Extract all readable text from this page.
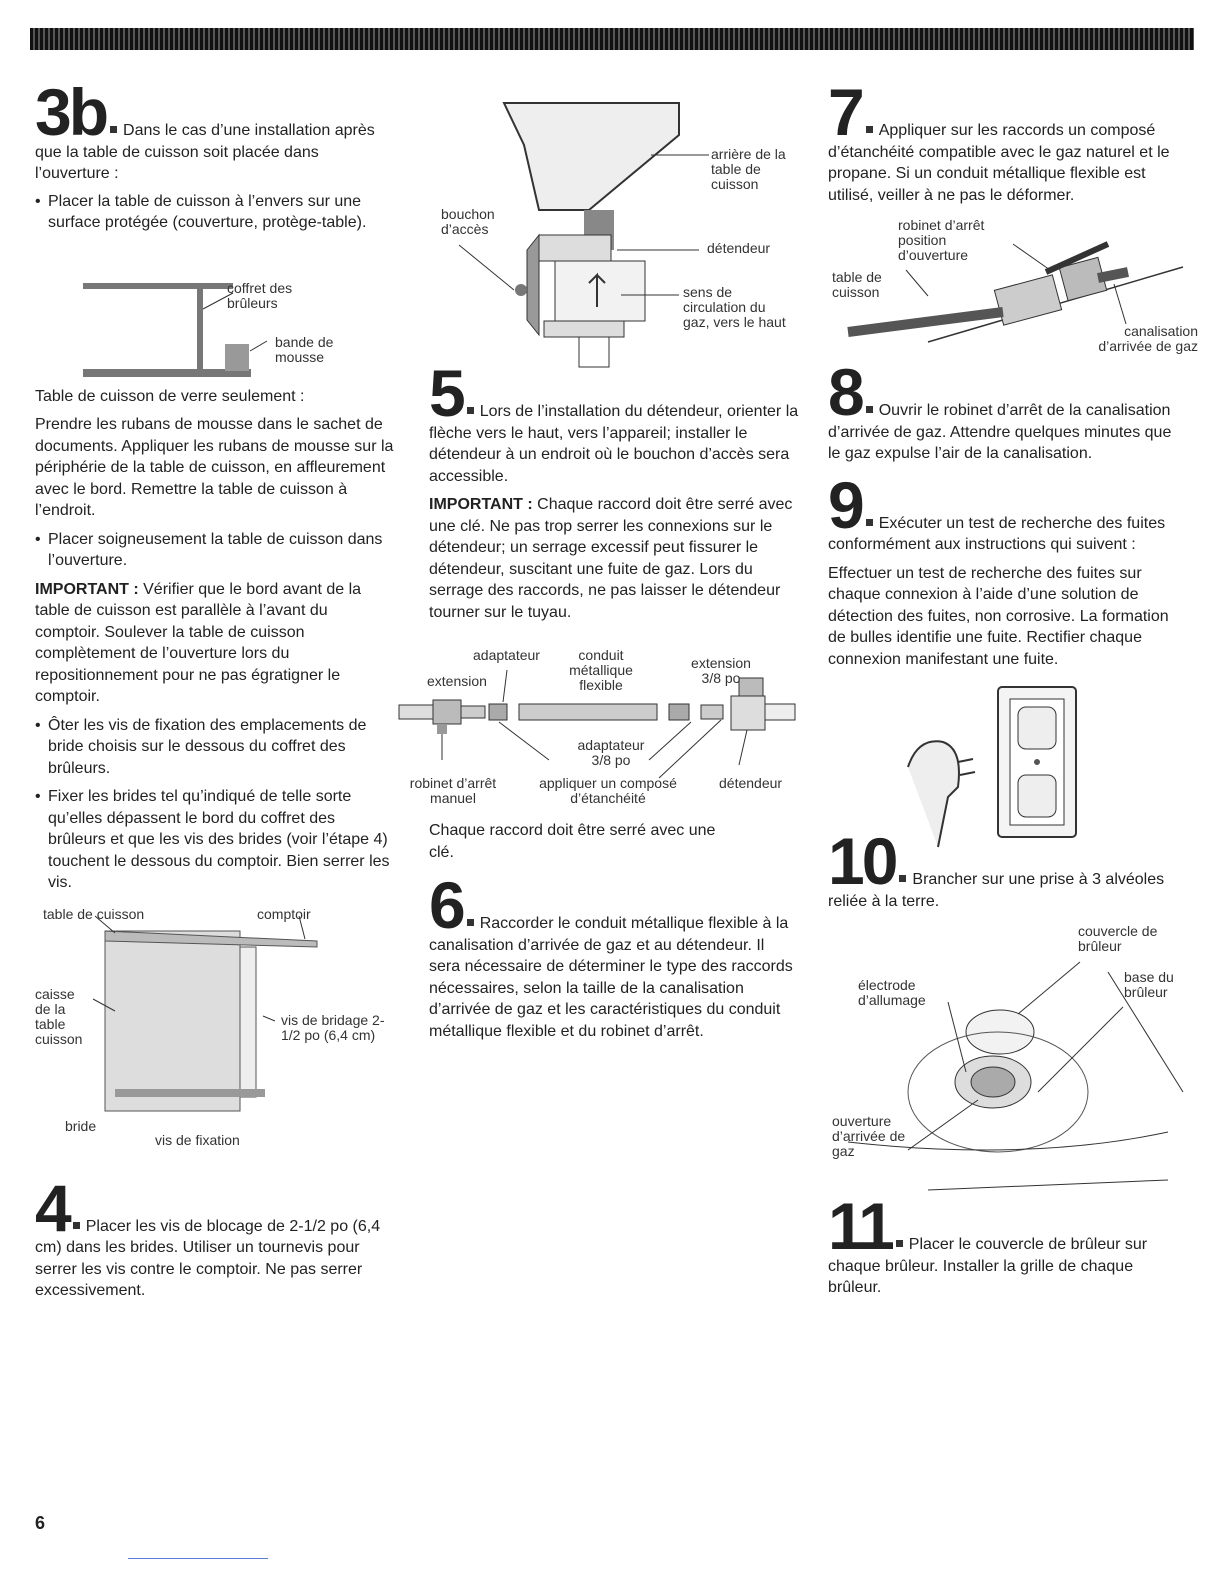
3b Dans le cas d’une installation après que la table de cuisson soit placée dans l’ouverture :

• Placer la table de cuisson à l’envers sur une surface protégée (couverture, protège-table).

coffret des brûleurs
bande de mousse

Table de cuisson de verre seulement :

Prendre les rubans de mousse dans le sachet de documents. Appliquer les rubans de mousse sur la périphérie de la table de cuisson, en affleurement avec le bord. Remettre la table de cuisson à l’endroit.

• Placer soigneusement la table de cuisson dans l’ouverture.

IMPORTANT : Vérifier que le bord avant de la table de cuisson est parallèle à l’avant du comptoir. Soulever la table de cuisson complètement de l’ouverture lors du repositionnement pour ne pas égratigner le comptoir.

• Ôter les vis de fixation des emplacements de bride choisis sur le dessous du coffret des brûleurs.

• Fixer les brides tel qu’indiqué de telle sorte qu’elles dépassent le bord du coffret des brûleurs et que les vis des brides (voir l’étape 4) touchent le dessous du comptoir. Bien serrer les vis.

table de cuisson	comptoir
caisse de la table cuisson
vis de bridage 2-1/2 po (6,4 cm)
bride
vis de fixation
4 Placer les vis de blocage de 2-1/2 po (6,4 cm) dans les brides. Utiliser un tournevis pour serrer les vis contre le comptoir. Ne pas serrer excessivement.
arrière de la table de cuisson
bouchon d’accès
détendeur
sens de circulation du gaz, vers le haut
5 Lors de l’installation du détendeur, orienter la flèche vers le haut, vers l’appareil; installer le détendeur à un endroit où le bouchon d’accès sera accessible.

IMPORTANT : Chaque raccord doit être serré avec une clé. Ne pas trop serrer les connexions sur le détendeur; un serrage excessif peut fissurer le détendeur, suscitant une fuite de gaz. Lors du serrage des raccords, ne pas laisser le détendeur tourner sur le tuyau.

adaptateur
extension
conduit métallique flexible
extension 3/8 po
adaptateur 3/8 po
robinet d’arrêt manuel
appliquer un composé d’étanchéité
détendeur

Chaque raccord doit être serré avec une clé.

6 Raccorder le conduit métallique flexible à la canalisation d’arrivée de gaz et au détendeur. Il sera nécessaire de déterminer le type des raccords nécessaires, selon la taille de la canalisation d’arrivée de gaz et les caractéristiques du conduit métallique flexible et du robinet d’arrêt.
7 Appliquer sur les raccords un composé d’étanchéité compatible avec le gaz naturel et le propane. Si un conduit métallique flexible est utilisé, veiller à ne pas le déformer.
robinet d’arrêt position d’ouverture
table de cuisson
canalisation d’arrivée de gaz
8 Ouvrir le robinet d’arrêt de la canalisation d’arrivée de gaz. Attendre quelques minutes que le gaz expulse l’air de la canalisation.
9 Exécuter un test de recherche des fuites conformément aux instructions qui suivent :

Effectuer un test de recherche des fuites sur chaque connexion à l’aide d’une solution de détection des fuites, non corrosive. La formation de bulles identifie une fuite. Rectifier chaque connexion manifestant une fuite.

10 Brancher sur une prise à 3 alvéoles reliée à la terre.
couvercle de brûleur
électrode d’allumage
base du brûleur
ouverture d’arrivée de gaz
11 Placer le couvercle de brûleur sur chaque brûleur. Installer la grille de chaque brûleur.
6
